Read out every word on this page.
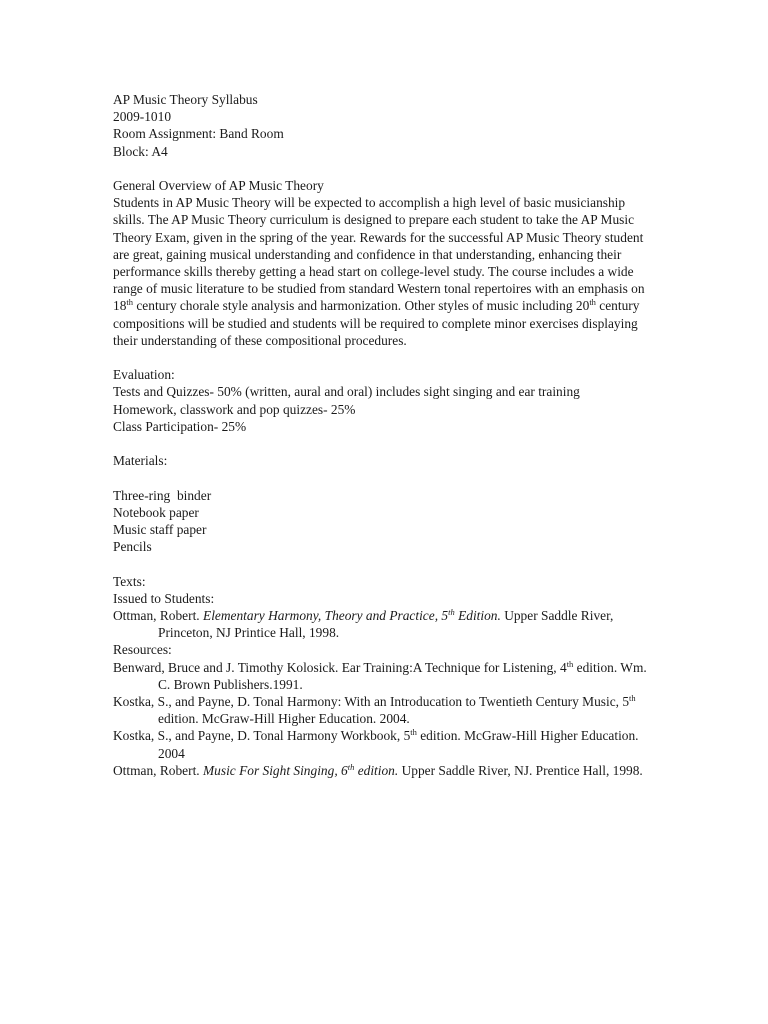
AP Music Theory Syllabus
2009-1010
Room Assignment: Band Room
Block: A4
General Overview of AP Music Theory
Students in AP Music Theory will be expected to accomplish a high level of basic musicianship skills. The AP Music Theory curriculum is designed to prepare each student to take the AP Music Theory Exam, given in the spring of the year. Rewards for the successful AP Music Theory student are great, gaining musical understanding and confidence in that understanding, enhancing their performance skills thereby getting a head start on college-level study. The course includes a wide range of music literature to be studied from standard Western tonal repertoires with an emphasis on 18th century chorale style analysis and harmonization. Other styles of music including 20th century compositions will be studied and students will be required to complete minor exercises displaying their understanding of these compositional procedures.
Evaluation:
Tests and Quizzes- 50% (written, aural and oral) includes sight singing and ear training
Homework, classwork and pop quizzes- 25%
Class Participation- 25%
Materials:
Three-ring  binder
Notebook paper
Music staff paper
Pencils
Texts:
Issued to Students:
Ottman, Robert. Elementary Harmony, Theory and Practice, 5th Edition. Upper Saddle River, Princeton, NJ Printice Hall, 1998.
Resources:
Benward, Bruce and J. Timothy Kolosick. Ear Training:A Technique for Listening, 4th edition. Wm. C. Brown Publishers.1991.
Kostka, S., and Payne, D. Tonal Harmony: With an Introducation to Twentieth Century Music, 5th edition. McGraw-Hill Higher Education. 2004.
Kostka, S., and Payne, D. Tonal Harmony Workbook, 5th edition. McGraw-Hill Higher Education. 2004
Ottman, Robert. Music For Sight Singing, 6th edition. Upper Saddle River, NJ. Prentice Hall, 1998.
